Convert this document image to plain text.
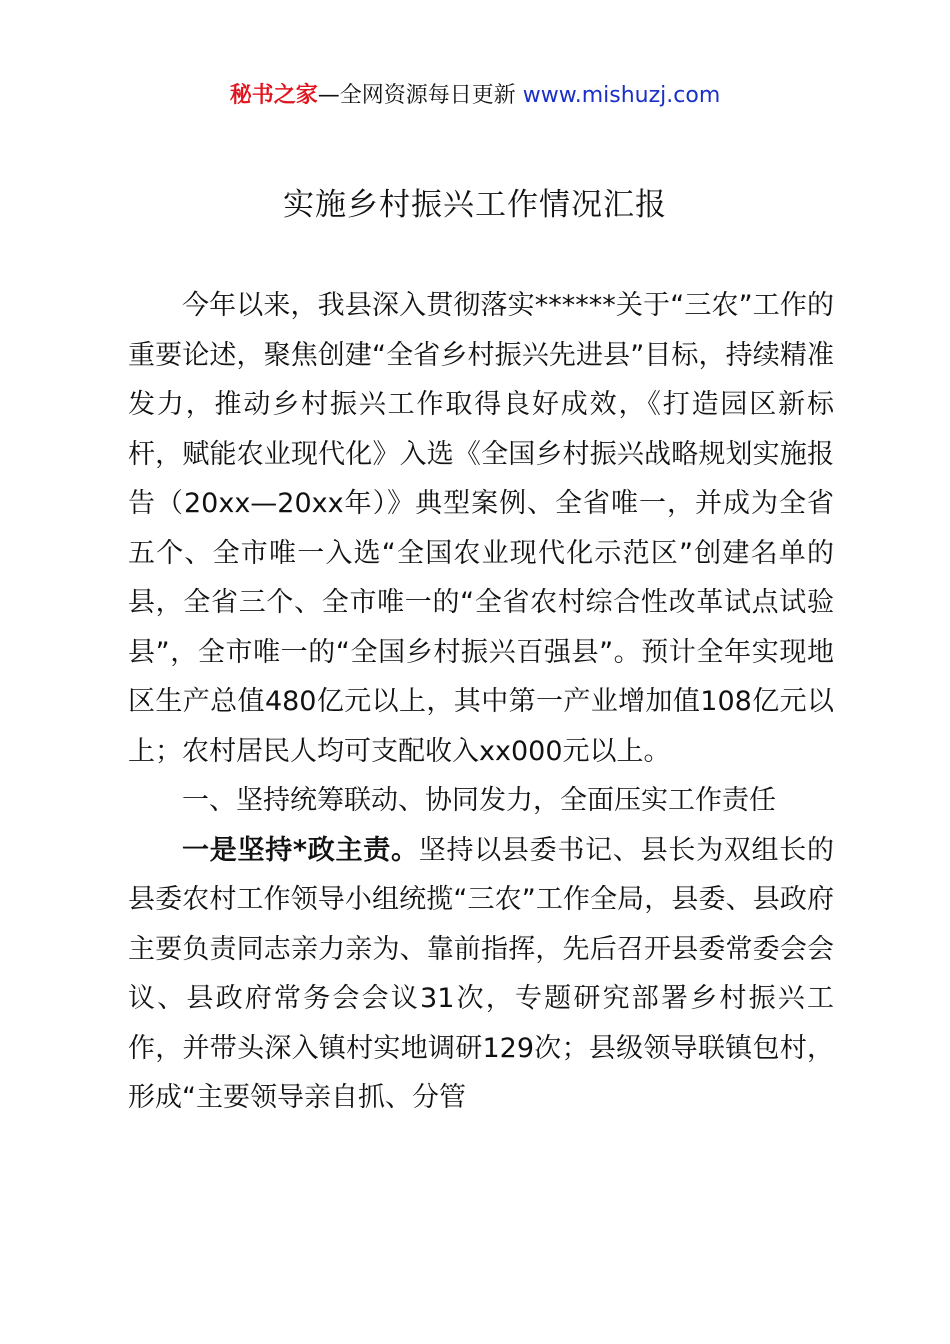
秘书之家—全网资源每日更新 www.mishuzj.com
实施乡村振兴工作情况汇报

今年以来，我县深入贯彻落实******关于“三农”工作的重要论述，聚焦创建“全省乡村振兴先进县”目标，持续精准发力，推动乡村振兴工作取得良好成效，《打造园区新标杆，赋能农业现代化》入选《全国乡村振兴战略规划实施报告（20xx—20xx年）》典型案例、全省唯一，并成为全省五个、全市唯一入选“全国农业现代化示范区”创建名单的县，全省三个、全市唯一的“全省农村综合性改革试点试验县”，全市唯一的“全国乡村振兴百强县”。预计全年实现地区生产总值480亿元以上，其中第一产业增加值108亿元以上；农村居民人均可支配收入xx000元以上。

一、坚持统筹联动、协同发力，全面压实工作责任

一是坚持*政主责。坚持以县委书记、县长为双组长的县委农村工作领导小组统揽“三农”工作全局，县委、县政府主要负责同志亲力亲为、靠前指挥，先后召开县委常委会会议、县政府常务会会议31次，专题研究部署乡村振兴工作，并带头深入镇村实地调研129次；县级领导联镇包村，形成“主要领导亲自抓、分管
